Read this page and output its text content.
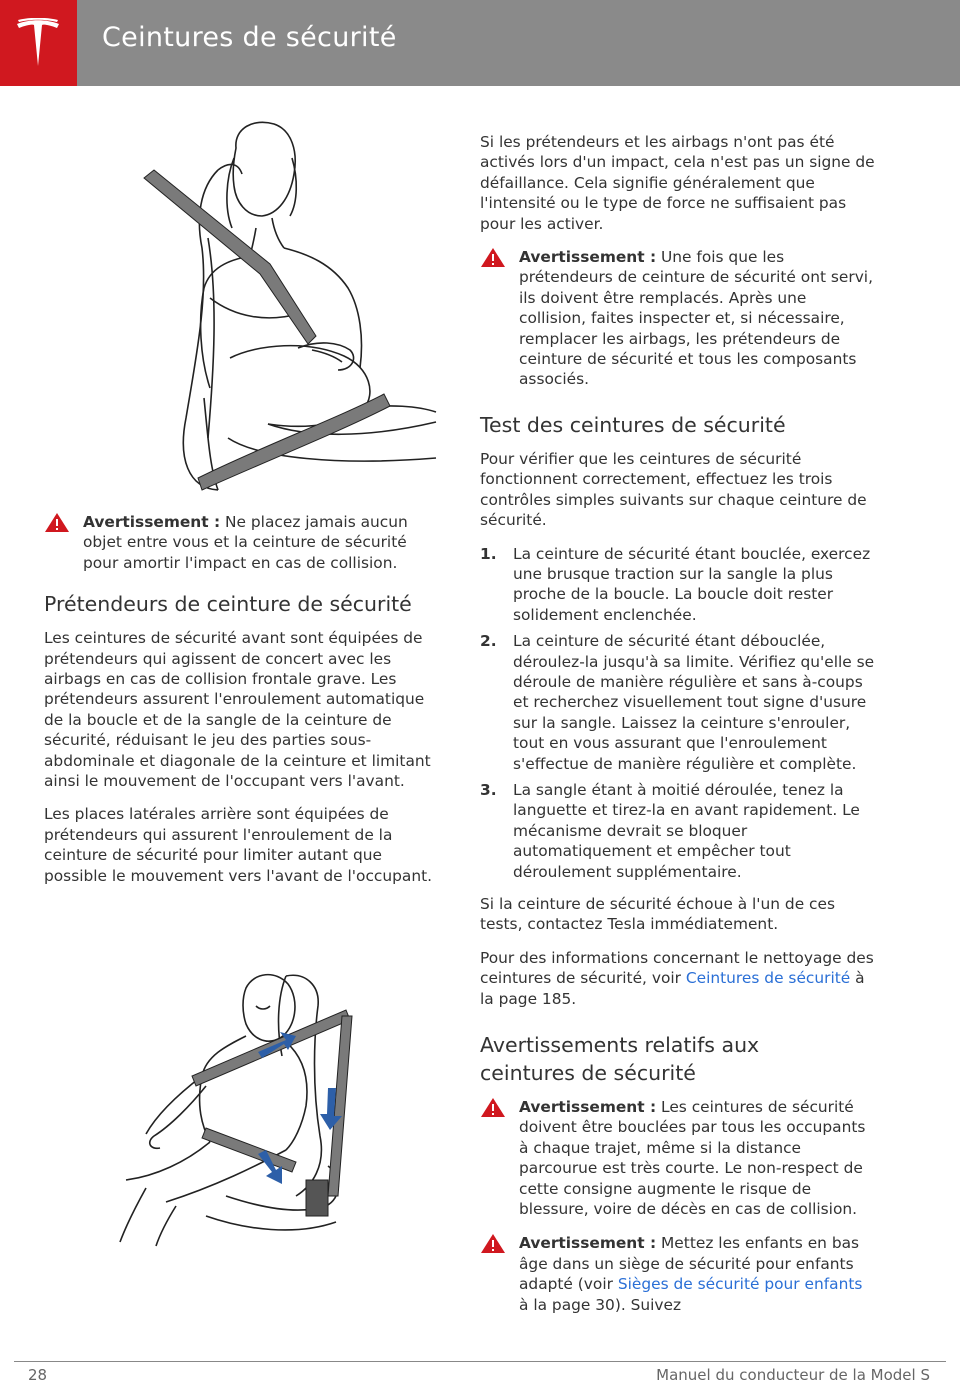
Ceintures de sécurité
Avertissement : Ne placez jamais aucun objet entre vous et la ceinture de sécurité pour amortir l'impact en cas de collision.
Prétendeurs de ceinture de sécurité

Les ceintures de sécurité avant sont équipées de prétendeurs qui agissent de concert avec les airbags en cas de collision frontale grave. Les prétendeurs assurent l'enroulement automatique de la boucle et de la sangle de la ceinture de sécurité, réduisant le jeu des parties sous-abdominale et diagonale de la ceinture et limitant ainsi le mouvement de l'occupant vers l'avant.

Les places latérales arrière sont équipées de prétendeurs qui assurent l'enroulement de la ceinture de sécurité pour limiter autant que possible le mouvement vers l'avant de l'occupant.

Si les prétendeurs et les airbags n'ont pas été activés lors d'un impact, cela n'est pas un signe de défaillance. Cela signifie généralement que l'intensité ou le type de force ne suffisaient pas pour les activer.

Avertissement : Une fois que les prétendeurs de ceinture de sécurité ont servi, ils doivent être remplacés. Après une collision, faites inspecter et, si nécessaire, remplacer les airbags, les prétendeurs de ceinture de sécurité et tous les composants associés.
Test des ceintures de sécurité

Pour vérifier que les ceintures de sécurité fonctionnent correctement, effectuez les trois contrôles simples suivants sur chaque ceinture de sécurité.

1. La ceinture de sécurité étant bouclée, exercez une brusque traction sur la sangle la plus proche de la boucle. La boucle doit rester solidement enclenchée.
2. La ceinture de sécurité étant débouclée, déroulez-la jusqu'à sa limite. Vérifiez qu'elle se déroule de manière régulière et sans à-coups et recherchez visuellement tout signe d'usure sur la sangle. Laissez la ceinture s'enrouler, tout en vous assurant que l'enroulement s'effectue de manière régulière et complète.
3. La sangle étant à moitié déroulée, tenez la languette et tirez-la en avant rapidement. Le mécanisme devrait se bloquer automatiquement et empêcher tout déroulement supplémentaire.

Si la ceinture de sécurité échoue à l'un de ces tests, contactez Tesla immédiatement.

Pour des informations concernant le nettoyage des ceintures de sécurité, voir Ceintures de sécurité à la page 185.

Avertissements relatifs aux
ceintures de sécurité
Avertissement : Les ceintures de sécurité doivent être bouclées par tous les occupants à chaque trajet, même si la distance parcourue est très courte. Le non-respect de cette consigne augmente le risque de blessure, voire de décès en cas de collision.
Avertissement : Mettez les enfants en bas âge dans un siège de sécurité pour enfants adapté (voir Sièges de sécurité pour enfants à la page 30). Suivez
28	Manuel du conducteur de la Model S
